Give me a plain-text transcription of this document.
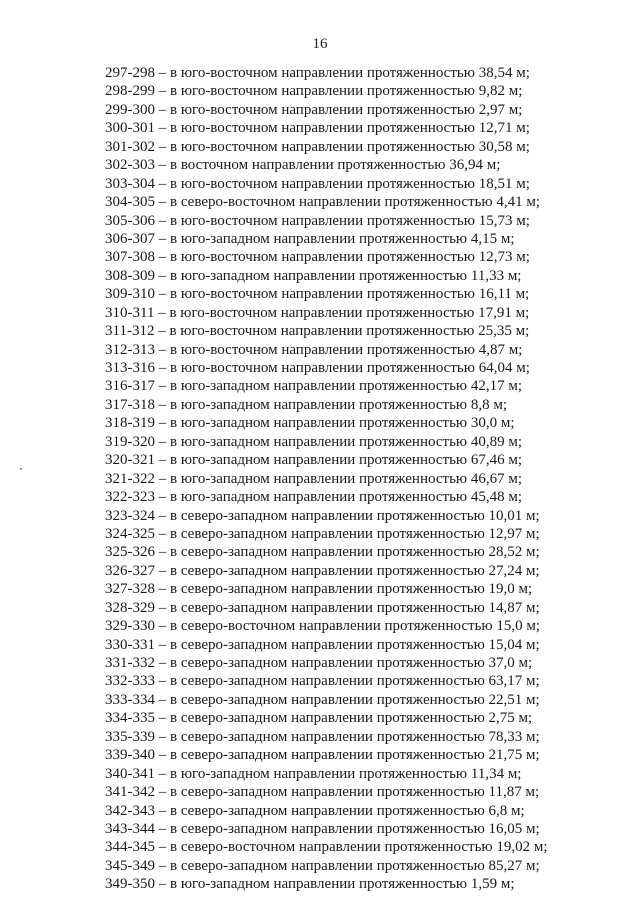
16
297-298 – в юго-восточном направлении протяженностью 38,54 м;
298-299 – в юго-восточном направлении протяженностью 9,82 м;
299-300 – в юго-восточном направлении протяженностью 2,97 м;
300-301 – в юго-восточном направлении протяженностью 12,71 м;
301-302 – в юго-восточном направлении протяженностью 30,58 м;
302-303 – в восточном направлении протяженностью 36,94 м;
303-304 – в юго-восточном направлении протяженностью 18,51 м;
304-305 – в северо-восточном направлении протяженностью 4,41 м;
305-306 – в юго-восточном направлении протяженностью 15,73 м;
306-307 – в юго-западном направлении протяженностью 4,15 м;
307-308 – в юго-восточном направлении протяженностью 12,73 м;
308-309 – в юго-западном направлении протяженностью 11,33 м;
309-310 – в юго-восточном направлении протяженностью 16,11 м;
310-311 – в юго-восточном направлении протяженностью 17,91 м;
311-312 – в юго-восточном направлении протяженностью 25,35 м;
312-313 – в юго-восточном направлении протяженностью 4,87 м;
313-316 – в юго-восточном направлении протяженностью 64,04 м;
316-317 – в юго-западном направлении протяженностью 42,17 м;
317-318 – в юго-западном направлении протяженностью 8,8 м;
318-319 – в юго-западном направлении протяженностью 30,0 м;
319-320 – в юго-западном направлении протяженностью 40,89 м;
320-321 – в юго-западном направлении протяженностью 67,46 м;
321-322 – в юго-западном направлении протяженностью 46,67 м;
322-323 – в юго-западном направлении протяженностью 45,48 м;
323-324 – в северо-западном направлении протяженностью 10,01 м;
324-325 – в северо-западном направлении протяженностью 12,97 м;
325-326 – в северо-западном направлении протяженностью 28,52 м;
326-327 – в северо-западном направлении протяженностью 27,24 м;
327-328 – в северо-западном направлении протяженностью 19,0 м;
328-329 – в северо-западном направлении протяженностью 14,87 м;
329-330 – в северо-восточном направлении протяженностью 15,0 м;
330-331 – в северо-западном направлении протяженностью 15,04 м;
331-332 – в северо-западном направлении протяженностью 37,0 м;
332-333 – в северо-западном направлении протяженностью 63,17 м;
333-334 – в северо-западном направлении протяженностью 22,51 м;
334-335 – в северо-западном направлении протяженностью 2,75 м;
335-339 – в северо-западном направлении протяженностью 78,33 м;
339-340 – в северо-западном направлении протяженностью 21,75 м;
340-341 – в юго-западном направлении протяженностью 11,34 м;
341-342 – в северо-западном направлении протяженностью 11,87 м;
342-343 – в северо-западном направлении протяженностью 6,8 м;
343-344 – в северо-западном направлении протяженностью 16,05 м;
344-345 – в северо-восточном направлении протяженностью 19,02 м;
345-349 – в северо-западном направлении протяженностью 85,27 м;
349-350 – в юго-западном направлении протяженностью 1,59 м;
